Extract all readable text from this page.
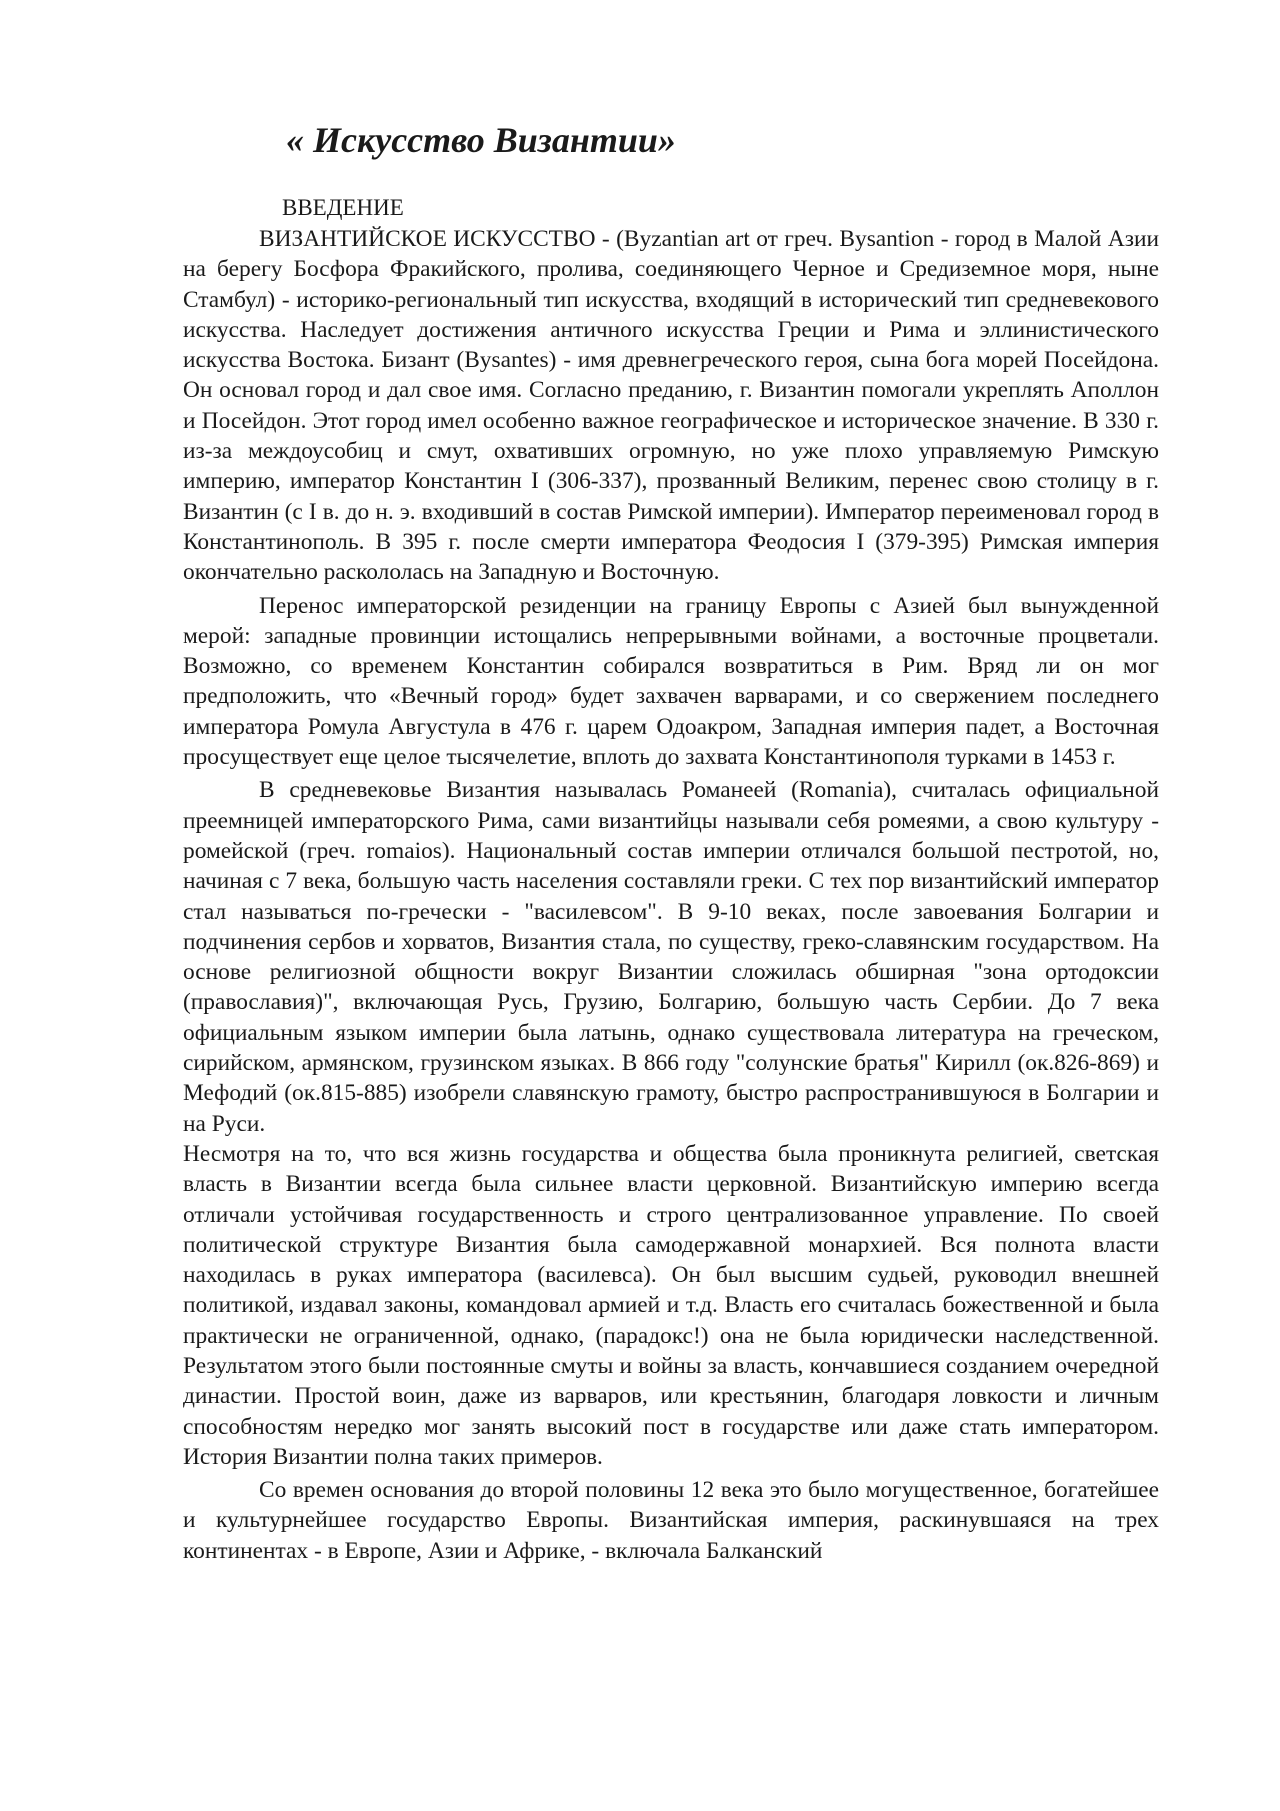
« Искусство Византии»
ВВЕДЕНИЕ

ВИЗАНТИЙСКОЕ ИСКУССТВО - (Byzantian art от греч. Bysantion - город в Малой Азии на берегу Босфора Фракийского, пролива, соединяющего Черное и Средиземное моря, ныне Стамбул) - историко-региональный тип искусства, входящий в исторический тип средневекового искусства. Наследует достижения античного искусства Греции и Рима и эллинистического искусства Востока. Бизант (Bysantes) - имя древнегреческого героя, сына бога морей Посейдона. Он основал город и дал свое имя. Согласно преданию, г. Византин помогали укреплять Аполлон и Посейдон. Этот город имел особенно важное географическое и историческое значение. В 330 г. из-за междоусобиц и смут, охвативших огромную, но уже плохо управляемую Римскую империю, император Константин I (306-337), прозванный Великим, перенес свою столицу в г. Византин (с I в. до н. э. входивший в состав Римской империи). Император переименовал город в Константинополь. В 395 г. после смерти императора Феодосия I (379-395) Римская империя окончательно раскололась на Западную и Восточную.

Перенос императорской резиденции на границу Европы с Азией был вынужденной мерой: западные провинции истощались непрерывными войнами, а восточные процветали. Возможно, со временем Константин собирался возвратиться в Рим. Вряд ли он мог предположить, что «Вечный город» будет захвачен варварами, и со свержением последнего императора Ромула Августула в 476 г. царем Одоакром, Западная империя падет, а Восточная просуществует еще целое тысячелетие, вплоть до захвата Константинополя турками в 1453 г.

В средневековье Византия называлась Романеей (Romania), считалась официальной преемницей императорского Рима, сами византийцы называли себя ромеями, а свою культуру - ромейской (греч. romaios). Национальный состав империи отличался большой пестротой, но, начиная с 7 века, большую часть населения составляли греки. С тех пор византийский император стал называться по-гречески - "василевсом". В 9-10 веках, после завоевания Болгарии и подчинения сербов и хорватов, Византия стала, по существу, греко-славянским государством. На основе религиозной общности вокруг Византии сложилась обширная "зона ортодоксии (православия)", включающая Русь, Грузию, Болгарию, большую часть Сербии. До 7 века официальным языком империи была латынь, однако существовала литература на греческом, сирийском, армянском, грузинском языках. В 866 году "солунские братья" Кирилл (ок.826-869) и Мефодий (ок.815-885) изобрели славянскую грамоту, быстро распространившуюся в Болгарии и на Руси.

Несмотря на то, что вся жизнь государства и общества была проникнута религией, светская власть в Византии всегда была сильнее власти церковной. Византийскую империю всегда отличали устойчивая государственность и строго централизованное управление. По своей политической структуре Византия была самодержавной монархией. Вся полнота власти находилась в руках императора (василевса). Он был высшим судьей, руководил внешней политикой, издавал законы, командовал армией и т.д. Власть его считалась божественной и была практически не ограниченной, однако, (парадокс!) она не была юридически наследственной. Результатом этого были постоянные смуты и войны за власть, кончавшиеся созданием очередной династии. Простой воин, даже из варваров, или крестьянин, благодаря ловкости и личным способностям нередко мог занять высокий пост в государстве или даже стать императором. История Византии полна таких примеров.

Со времен основания до второй половины 12 века это было могущественное, богатейшее и культурнейшее государство Европы. Византийская империя, раскинувшаяся на трех континентах - в Европе, Азии и Африке, - включала Балканский
